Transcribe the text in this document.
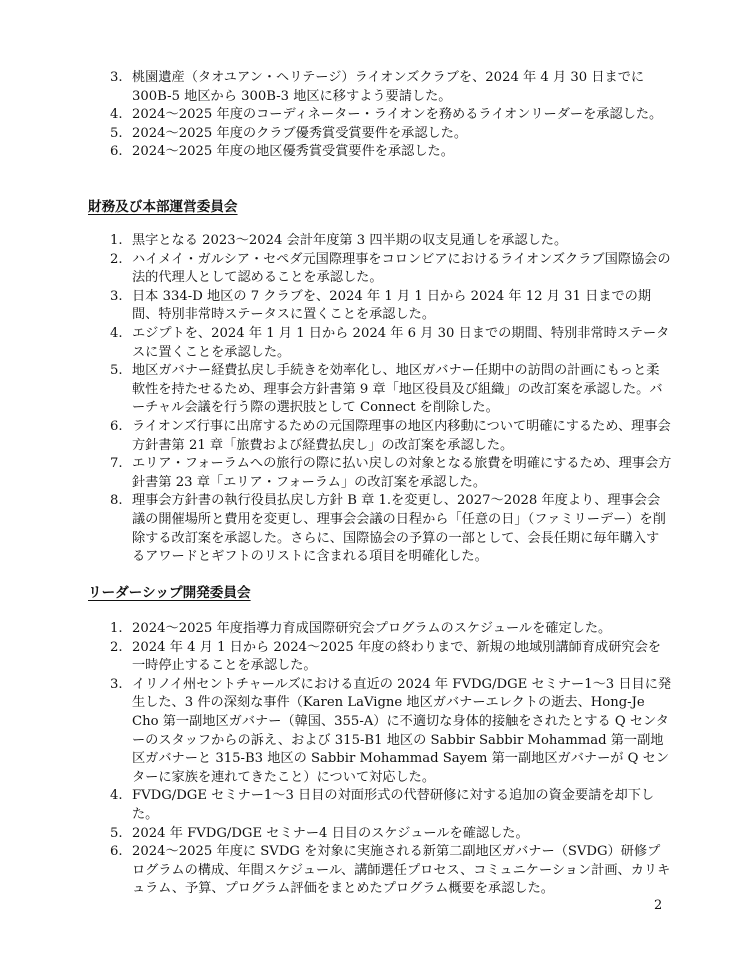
3. 桃園遺産（タオユアン・ヘリテージ）ライオンズクラブを、2024 年 4 月 30 日までに 300B-5 地区から 300B-3 地区に移すよう要請した。
4. 2024～2025 年度のコーディネーター・ライオンを務めるライオンリーダーを承認した。
5. 2024～2025 年度のクラブ優秀賞受賞要件を承認した。
6. 2024～2025 年度の地区優秀賞受賞要件を承認した。
財務及び本部運営委員会
1. 黒字となる 2023～2024 会計年度第 3 四半期の収支見通しを承認した。
2. ハイメイ・ガルシア・セペダ元国際理事をコロンビアにおけるライオンズクラブ国際協会の法的代理人として認めることを承認した。
3. 日本 334-D 地区の 7 クラブを、2024 年 1 月 1 日から 2024 年 12 月 31 日までの期間、特別非常時ステータスに置くことを承認した。
4. エジプトを、2024 年 1 月 1 日から 2024 年 6 月 30 日までの期間、特別非常時ステータスに置くことを承認した。
5. 地区ガバナー経費払戻し手続きを効率化し、地区ガバナー任期中の訪問の計画にもっと柔軟性を持たせるため、理事会方針書第 9 章「地区役員及び組織」の改訂案を承認した。バーチャル会議を行う際の選択肢として Connect を削除した。
6. ライオンズ行事に出席するための元国際理事の地区内移動について明確にするため、理事会方針書第 21 章「旅費および経費払戻し」の改訂案を承認した。
7. エリア・フォーラムへの旅行の際に払い戻しの対象となる旅費を明確にするため、理事会方針書第 23 章「エリア・フォーラム」の改訂案を承認した。
8. 理事会方針書の執行役員払戻し方針 B 章 1.を変更し、2027～2028 年度より、理事会会議の開催場所と費用を変更し、理事会会議の日程から「任意の日」（ファミリーデー）を削除する改訂案を承認した。さらに、国際協会の予算の一部として、会長任期に毎年購入するアワードとギフトのリストに含まれる項目を明確化した。
リーダーシップ開発委員会
1. 2024～2025 年度指導力育成国際研究会プログラムのスケジュールを確定した。
2. 2024 年 4 月 1 日から 2024～2025 年度の終わりまで、新規の地域別講師育成研究会を一時停止することを承認した。
3. イリノイ州セントチャールズにおける直近の 2024 年 FVDG/DGE セミナー1～3 日目に発生した、3 件の深刻な事件（Karen LaVigne 地区ガバナーエレクトの逝去、Hong-Je Cho 第一副地区ガバナー（韓国、355-A）に不適切な身体的接触をされたとする Q センターのスタッフからの訴え、および 315-B1 地区の Sabbir Sabbir Mohammad 第一副地区ガバナーと 315-B3 地区の Sabbir Mohammad Sayem 第一副地区ガバナーが Q センターに家族を連れてきたこと）について対応した。
4. FVDG/DGE セミナー1～3 日目の対面形式の代替研修に対する追加の資金要請を却下した。
5. 2024 年 FVDG/DGE セミナー4 日目のスケジュールを確認した。
6. 2024～2025 年度に SVDG を対象に実施される新第二副地区ガバナー（SVDG）研修プログラムの構成、年間スケジュール、講師選任プロセス、コミュニケーション計画、カリキュラム、予算、プログラム評価をまとめたプログラム概要を承認した。
2
